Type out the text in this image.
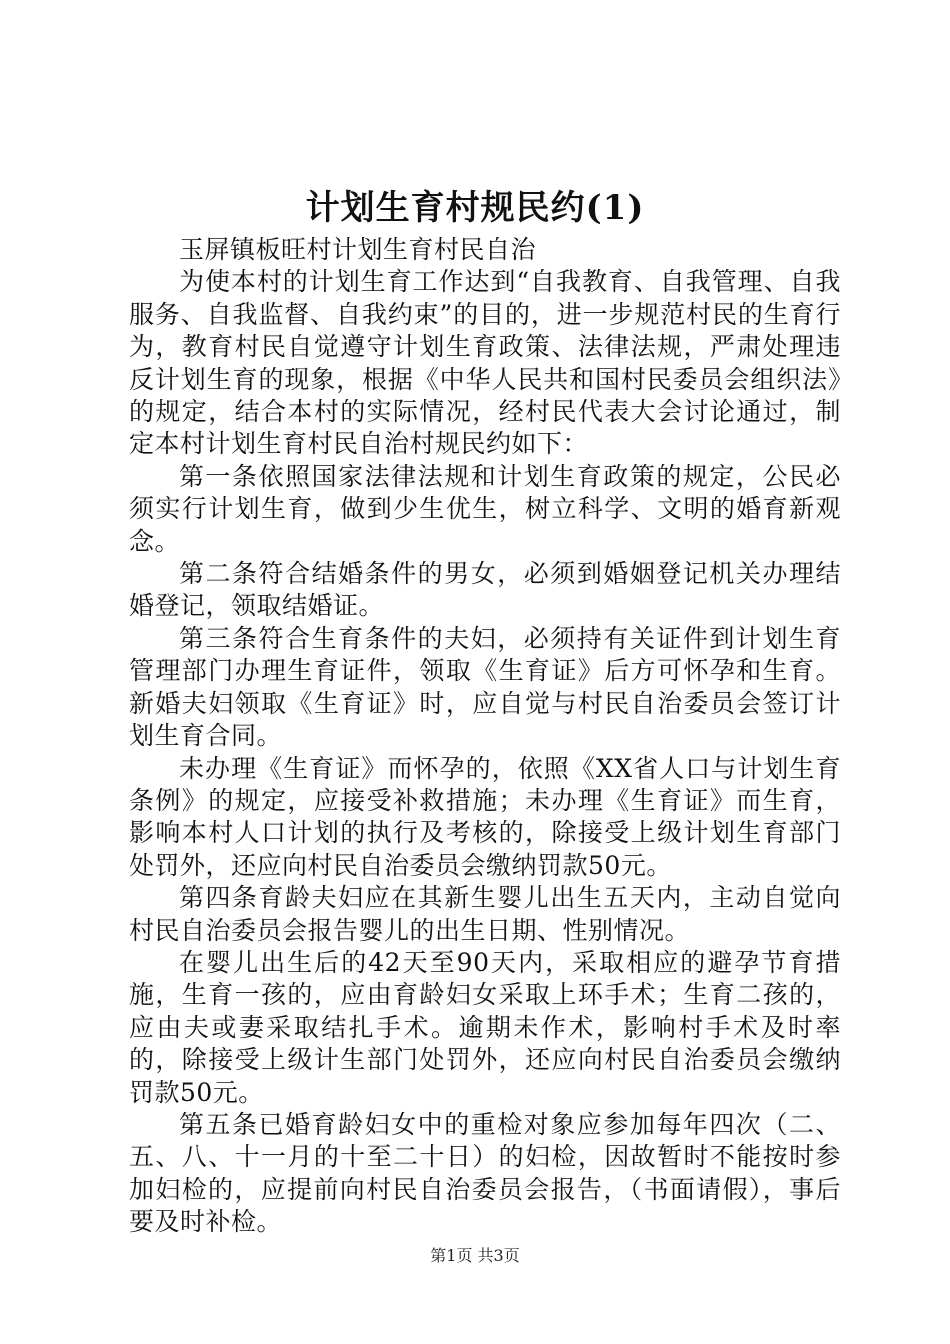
计划生育村规民约(1)

玉屏镇板旺村计划生育村民自治

为使本村的计划生育工作达到“自我教育、自我管理、自我服务、自我监督、自我约束”的目的，进一步规范村民的生育行为，教育村民自觉遵守计划生育政策、法律法规，严肃处理违反计划生育的现象，根据《中华人民共和国村民委员会组织法》的规定，结合本村的实际情况，经村民代表大会讨论通过，制定本村计划生育村民自治村规民约如下：

第一条依照国家法律法规和计划生育政策的规定，公民必须实行计划生育，做到少生优生，树立科学、文明的婚育新观念。

第二条符合结婚条件的男女，必须到婚姻登记机关办理结婚登记，领取结婚证。

第三条符合生育条件的夫妇，必须持有关证件到计划生育管理部门办理生育证件，领取《生育证》后方可怀孕和生育。新婚夫妇领取《生育证》时，应自觉与村民自治委员会签订计划生育合同。

未办理《生育证》而怀孕的，依照《XX省人口与计划生育条例》的规定，应接受补救措施；未办理《生育证》而生育，影响本村人口计划的执行及考核的，除接受上级计划生育部门处罚外，还应向村民自治委员会缴纳罚款50元。

第四条育龄夫妇应在其新生婴儿出生五天内，主动自觉向村民自治委员会报告婴儿的出生日期、性别情况。

在婴儿出生后的42天至90天内，采取相应的避孕节育措施，生育一孩的，应由育龄妇女采取上环手术；生育二孩的，应由夫或妻采取结扎手术。逾期未作术，影响村手术及时率的，除接受上级计生部门处罚外，还应向村民自治委员会缴纳罚款50元。

第五条已婚育龄妇女中的重检对象应参加每年四次（二、五、八、十一月的十至二十日）的妇检，因故暂时不能按时参加妇检的，应提前向村民自治委员会报告，（书面请假），事后要及时补检。

第1页 共3页
